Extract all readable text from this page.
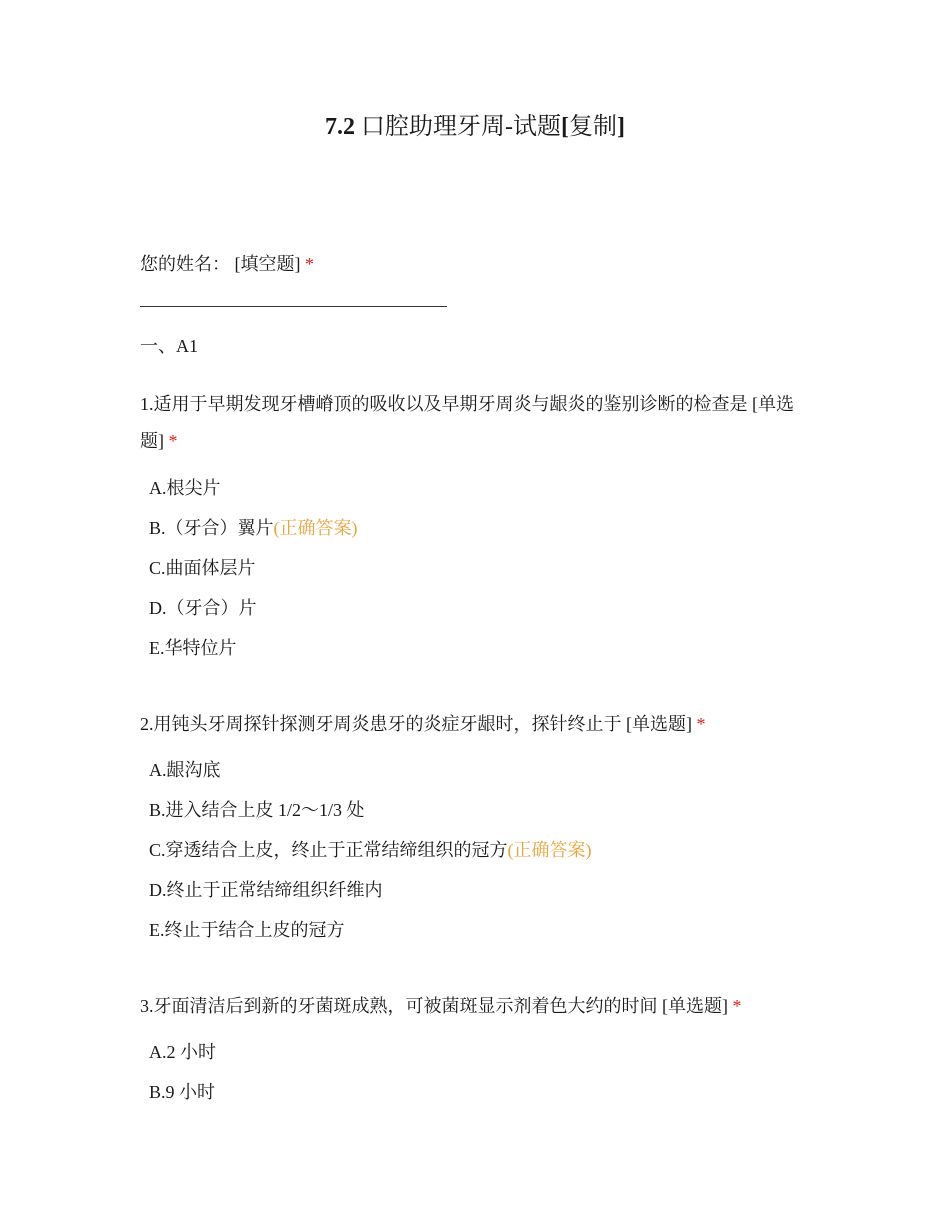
7.2 口腔助理牙周-试题[复制]
您的姓名： [填空题] *
一、A1
1.适用于早期发现牙槽嵴顶的吸收以及早期牙周炎与龈炎的鉴别诊断的检查是 [单选题] *
A.根尖片
B.（牙合）翼片(正确答案)
C.曲面体层片
D.（牙合）片
E.华特位片
2.用钝头牙周探针探测牙周炎患牙的炎症牙龈时，探针终止于 [单选题] *
A.龈沟底
B.进入结合上皮 1/2～1/3 处
C.穿透结合上皮，终止于正常结缔组织的冠方(正确答案)
D.终止于正常结缔组织纤维内
E.终止于结合上皮的冠方
3.牙面清洁后到新的牙菌斑成熟，可被菌斑显示剂着色大约的时间 [单选题] *
A.2 小时
B.9 小时
